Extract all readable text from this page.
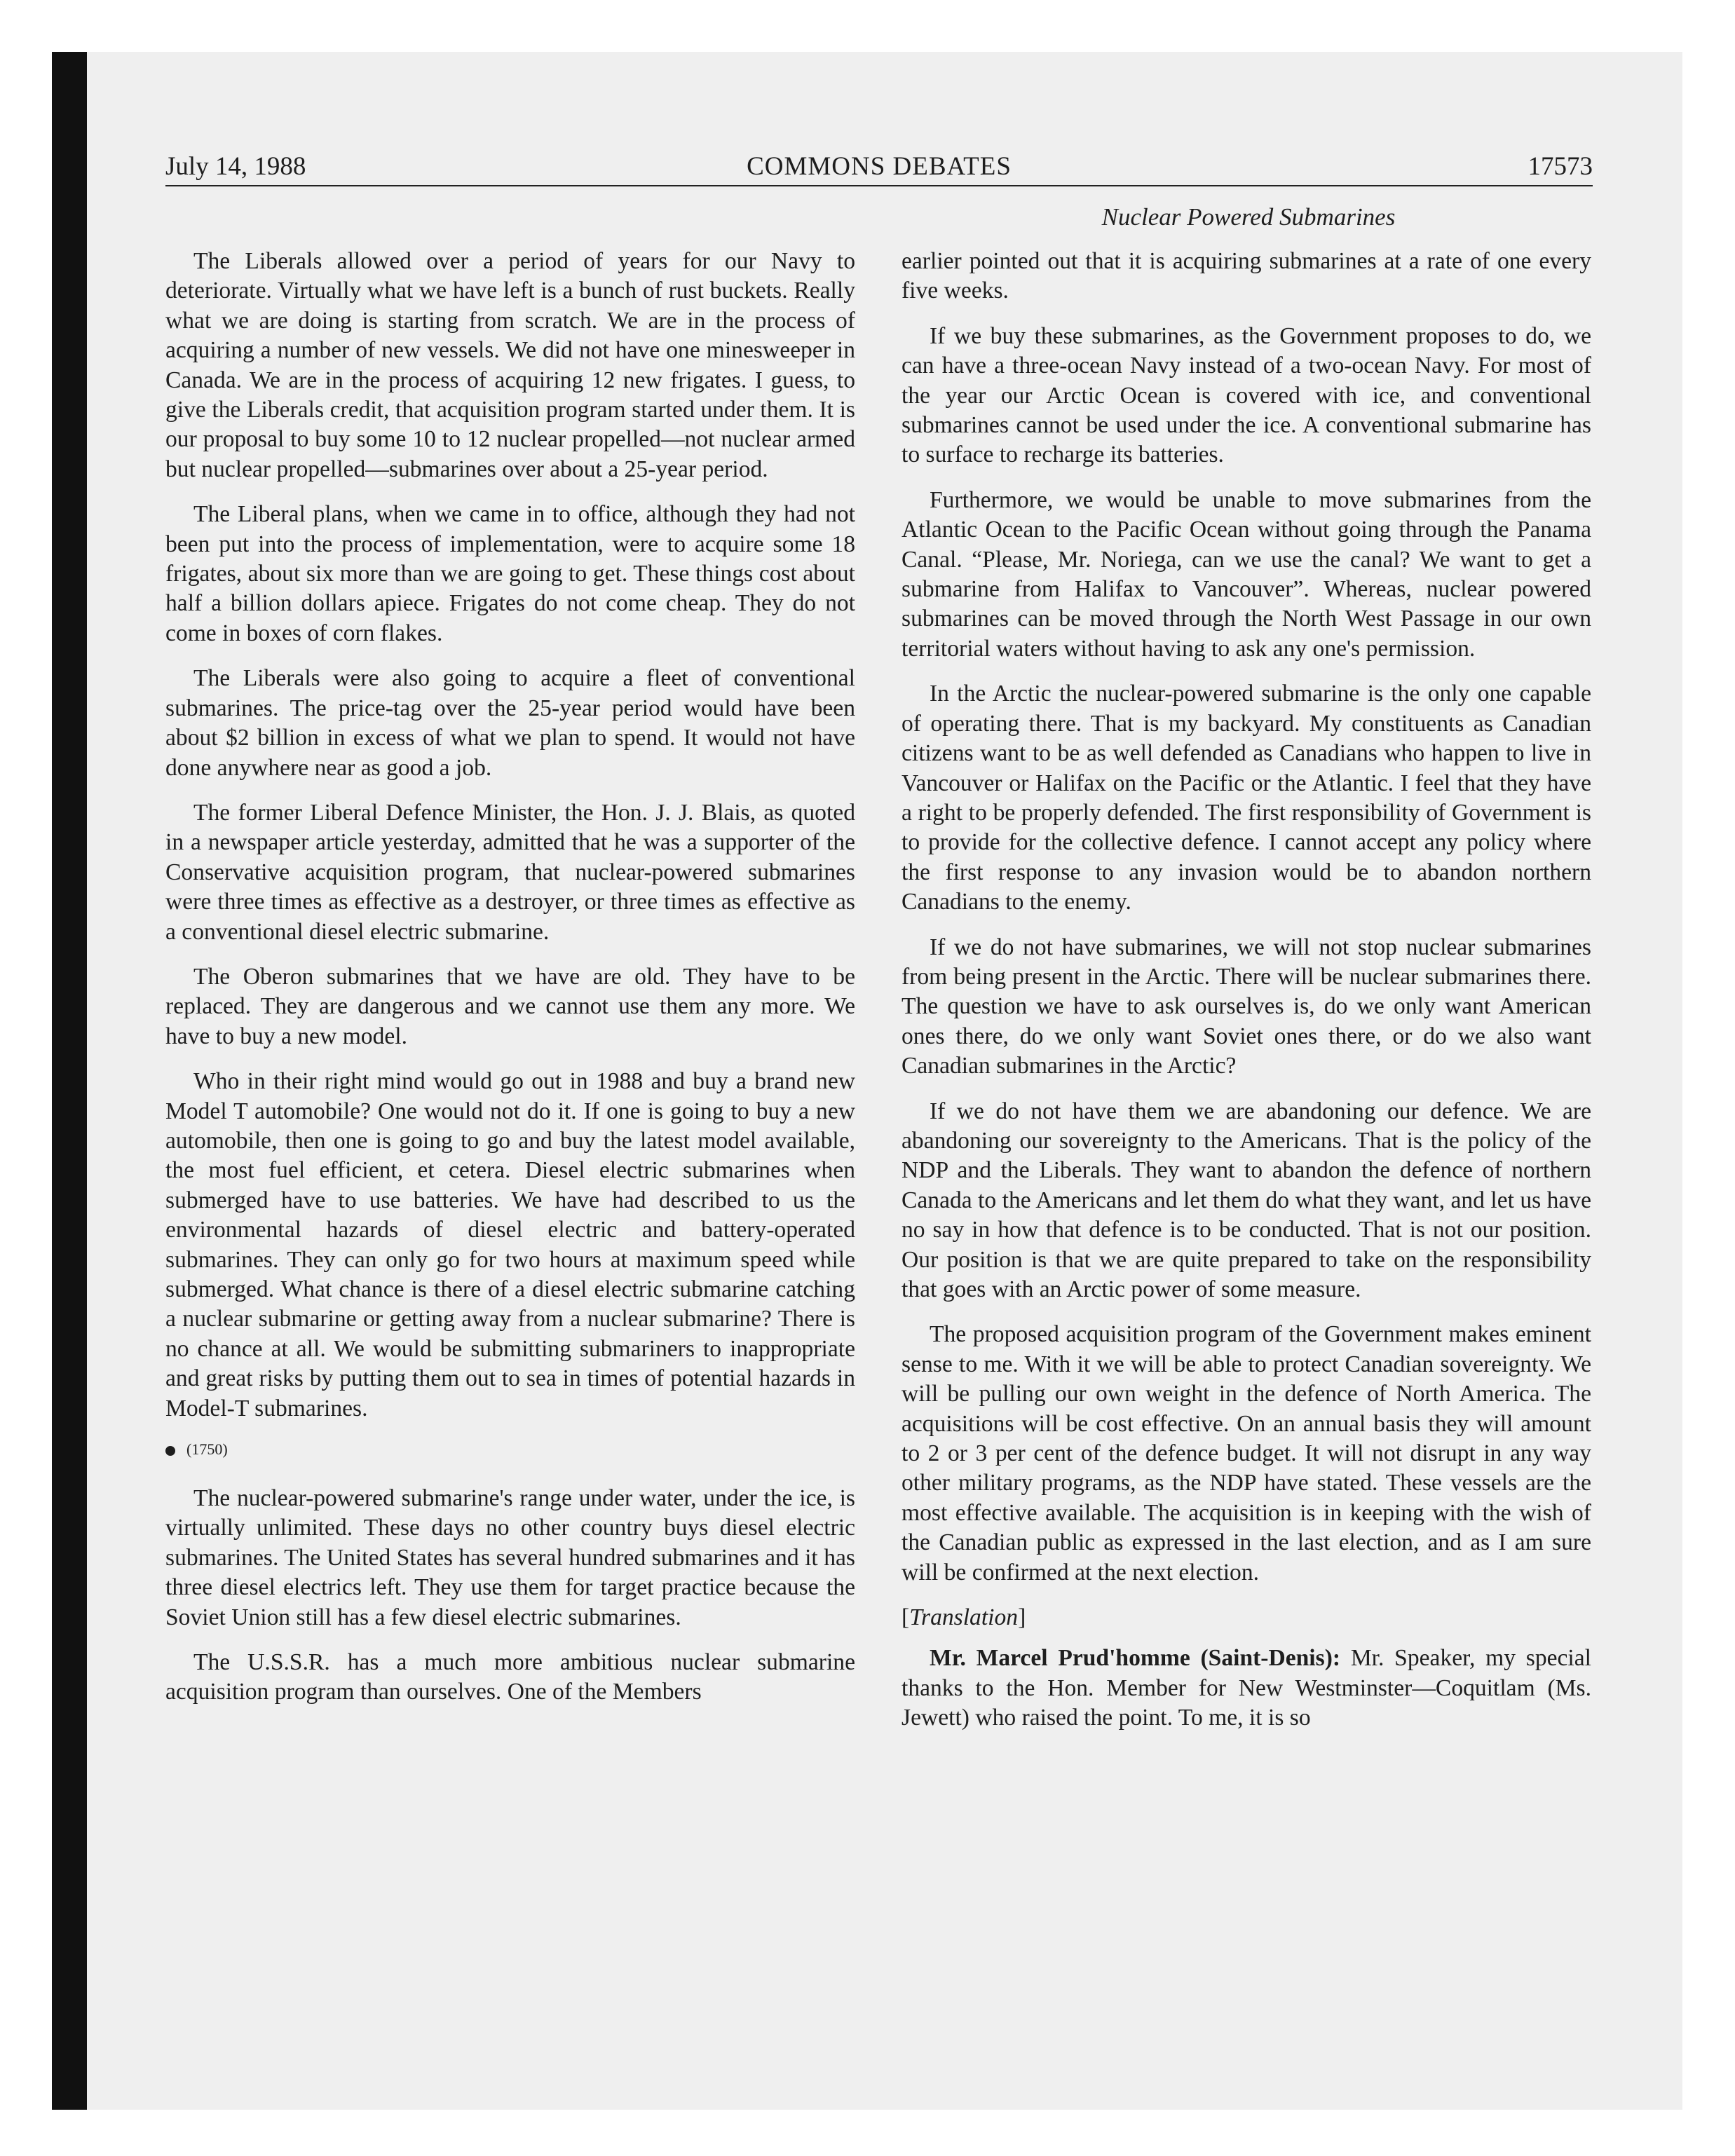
July 14, 1988	COMMONS DEBATES	17573
Nuclear Powered Submarines

The Liberals allowed over a period of years for our Navy to deteriorate. Virtually what we have left is a bunch of rust buckets. Really what we are doing is starting from scratch. We are in the process of acquiring a number of new vessels. We did not have one minesweeper in Canada. We are in the process of acquiring 12 new frigates. I guess, to give the Liberals credit, that acquisition program started under them. It is our proposal to buy some 10 to 12 nuclear propelled—not nuclear armed but nuclear propelled—submarines over about a 25-year period.

The Liberal plans, when we came in to office, although they had not been put into the process of implementation, were to acquire some 18 frigates, about six more than we are going to get. These things cost about half a billion dollars apiece. Frigates do not come cheap. They do not come in boxes of corn flakes.

The Liberals were also going to acquire a fleet of conventional submarines. The price-tag over the 25-year period would have been about $2 billion in excess of what we plan to spend. It would not have done anywhere near as good a job.

The former Liberal Defence Minister, the Hon. J. J. Blais, as quoted in a newspaper article yesterday, admitted that he was a supporter of the Conservative acquisition program, that nuclear-powered submarines were three times as effective as a destroyer, or three times as effective as a conventional diesel electric submarine.

The Oberon submarines that we have are old. They have to be replaced. They are dangerous and we cannot use them any more. We have to buy a new model.

Who in their right mind would go out in 1988 and buy a brand new Model T automobile? One would not do it. If one is going to buy a new automobile, then one is going to go and buy the latest model available, the most fuel efficient, et cetera. Diesel electric submarines when submerged have to use batteries. We have had described to us the environmental hazards of diesel electric and battery-operated submarines. They can only go for two hours at maximum speed while submerged. What chance is there of a diesel electric submarine catching a nuclear submarine or getting away from a nuclear submarine? There is no chance at all. We would be submitting submariners to inappropriate and great risks by putting them out to sea in times of potential hazards in Model-T submarines.

(1750)

The nuclear-powered submarine's range under water, under the ice, is virtually unlimited. These days no other country buys diesel electric submarines. The United States has several hundred submarines and it has three diesel electrics left. They use them for target practice because the Soviet Union still has a few diesel electric submarines.

The U.S.S.R. has a much more ambitious nuclear submarine acquisition program than ourselves. One of the Members

earlier pointed out that it is acquiring submarines at a rate of one every five weeks.

If we buy these submarines, as the Government proposes to do, we can have a three-ocean Navy instead of a two-ocean Navy. For most of the year our Arctic Ocean is covered with ice, and conventional submarines cannot be used under the ice. A conventional submarine has to surface to recharge its batteries.

Furthermore, we would be unable to move submarines from the Atlantic Ocean to the Pacific Ocean without going through the Panama Canal. “Please, Mr. Noriega, can we use the canal? We want to get a submarine from Halifax to Vancouver”. Whereas, nuclear powered submarines can be moved through the North West Passage in our own territorial waters without having to ask any one's permission.

In the Arctic the nuclear-powered submarine is the only one capable of operating there. That is my backyard. My constituents as Canadian citizens want to be as well defended as Canadians who happen to live in Vancouver or Halifax on the Pacific or the Atlantic. I feel that they have a right to be properly defended. The first responsibility of Government is to provide for the collective defence. I cannot accept any policy where the first response to any invasion would be to abandon northern Canadians to the enemy.

If we do not have submarines, we will not stop nuclear submarines from being present in the Arctic. There will be nuclear submarines there. The question we have to ask ourselves is, do we only want American ones there, do we only want Soviet ones there, or do we also want Canadian submarines in the Arctic?

If we do not have them we are abandoning our defence. We are abandoning our sovereignty to the Americans. That is the policy of the NDP and the Liberals. They want to abandon the defence of northern Canada to the Americans and let them do what they want, and let us have no say in how that defence is to be conducted. That is not our position. Our position is that we are quite prepared to take on the responsibility that goes with an Arctic power of some measure.

The proposed acquisition program of the Government makes eminent sense to me. With it we will be able to protect Canadian sovereignty. We will be pulling our own weight in the defence of North America. The acquisitions will be cost effective. On an annual basis they will amount to 2 or 3 per cent of the defence budget. It will not disrupt in any way other military programs, as the NDP have stated. These vessels are the most effective available. The acquisition is in keeping with the wish of the Canadian public as expressed in the last election, and as I am sure will be confirmed at the next election.

[Translation]

Mr. Marcel Prud'homme (Saint-Denis): Mr. Speaker, my special thanks to the Hon. Member for New Westminster—Coquitlam (Ms. Jewett) who raised the point. To me, it is so
